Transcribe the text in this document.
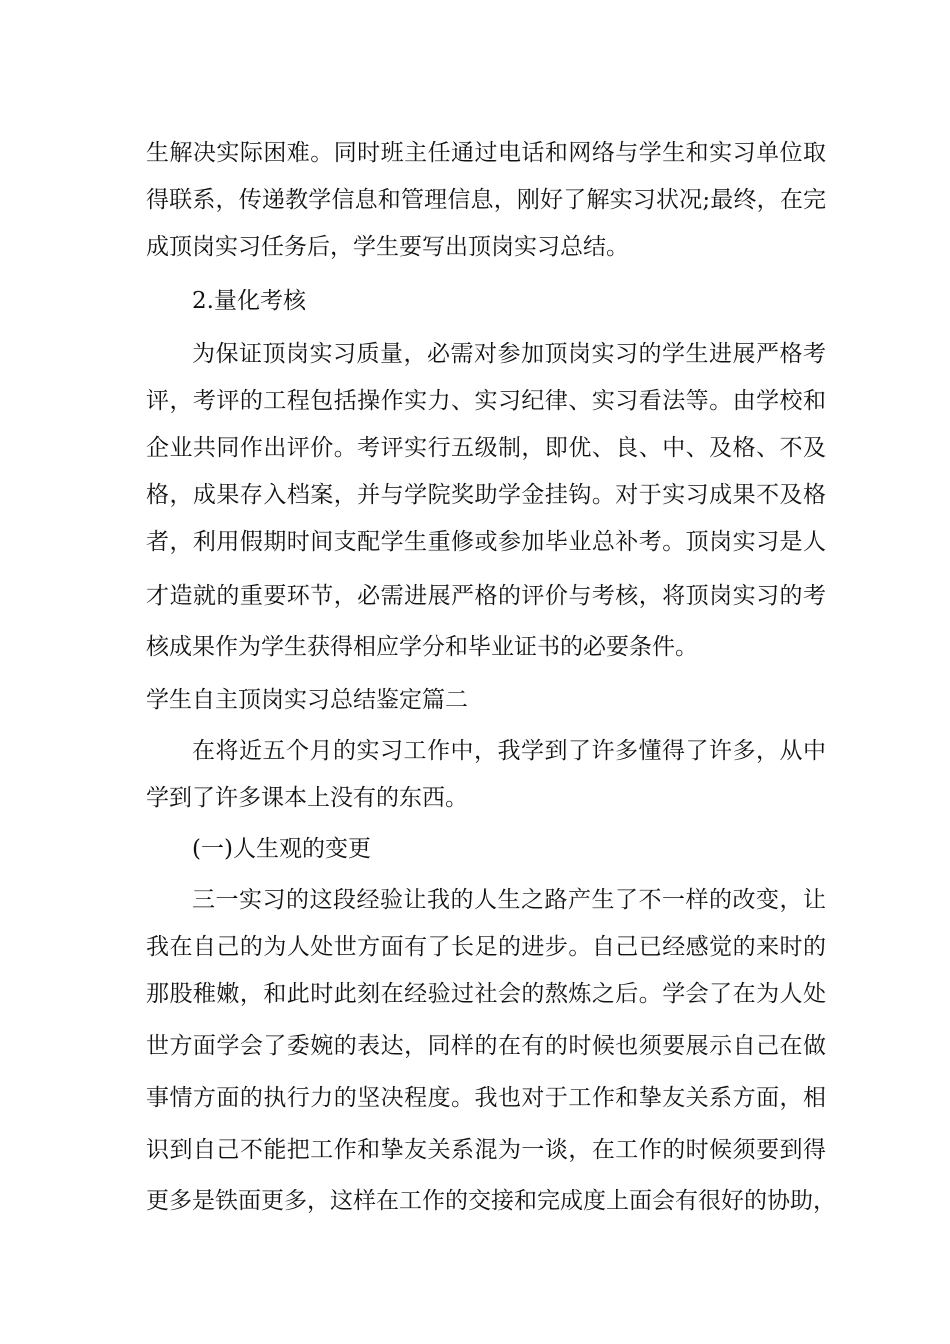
生解决实际困难。同时班主任通过电话和网络与学生和实习单位取
得联系，传递教学信息和管理信息，刚好了解实习状况;最终，在完
成顶岗实习任务后，学生要写出顶岗实习总结。
2.量化考核
为保证顶岗实习质量，必需对参加顶岗实习的学生进展严格考
评，考评的工程包括操作实力、实习纪律、实习看法等。由学校和
企业共同作出评价。考评实行五级制，即优、良、中、及格、不及
格，成果存入档案，并与学院奖助学金挂钩。对于实习成果不及格
者，利用假期时间支配学生重修或参加毕业总补考。顶岗实习是人
才造就的重要环节，必需进展严格的评价与考核，将顶岗实习的考
核成果作为学生获得相应学分和毕业证书的必要条件。
学生自主顶岗实习总结鉴定篇二
在将近五个月的实习工作中，我学到了许多懂得了许多，从中
学到了许多课本上没有的东西。
(一)人生观的变更
三一实习的这段经验让我的人生之路产生了不一样的改变，让
我在自己的为人处世方面有了长足的进步。自己已经感觉的来时的
那股稚嫩，和此时此刻在经验过社会的熬炼之后。学会了在为人处
世方面学会了委婉的表达，同样的在有的时候也须要展示自己在做
事情方面的执行力的坚决程度。我也对于工作和挚友关系方面，相
识到自己不能把工作和挚友关系混为一谈，在工作的时候须要到得
更多是铁面更多，这样在工作的交接和完成度上面会有很好的协助，
